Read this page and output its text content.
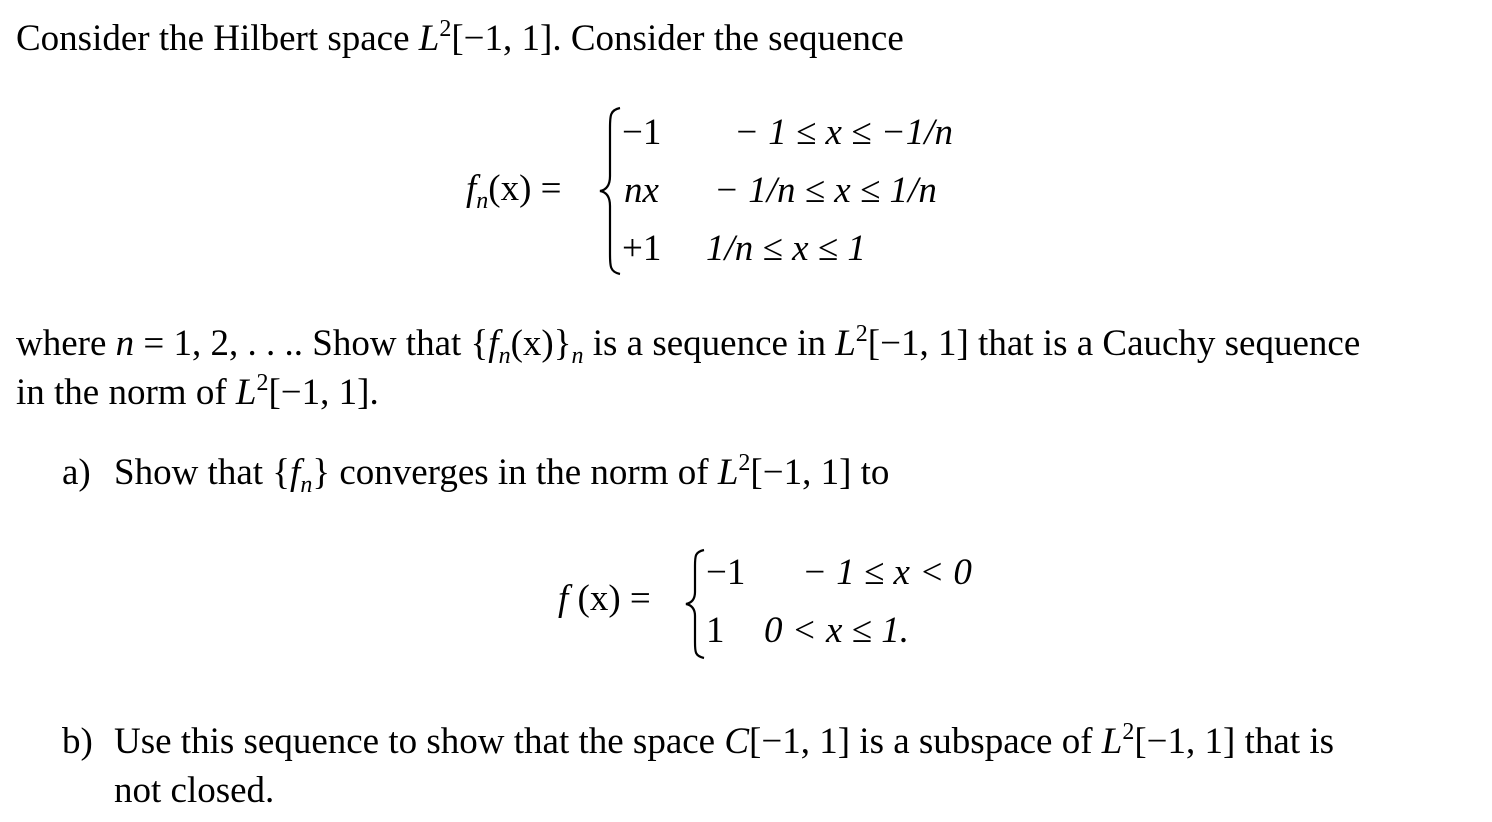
Consider the Hilbert space $L^2[-1$, 1]. Consider the sequence
$f_n(x)$ =
−1 − 1 ≤ x ≤ −1/n
nx − 1/n ≤ x ≤ 1/n
+1 1/n ≤ x ≤ 1
where n = 1, 2, . . .. Show that $\{f_n(x)\}_n$ is a sequence in $L^2[-1$, 1] that is a Cauchy sequence
in the norm of $L^2[-1$, 1].
a) Show that $\{f_n\}$ converges in the norm of $L^2[-1$, 1] to
f (x) =
−1 − 1 ≤ x < 0
1 0 < x ≤ 1.
b) Use this sequence to show that the space C[−1, 1] is a subspace of $L^2[-1$, 1] that is
not closed.
